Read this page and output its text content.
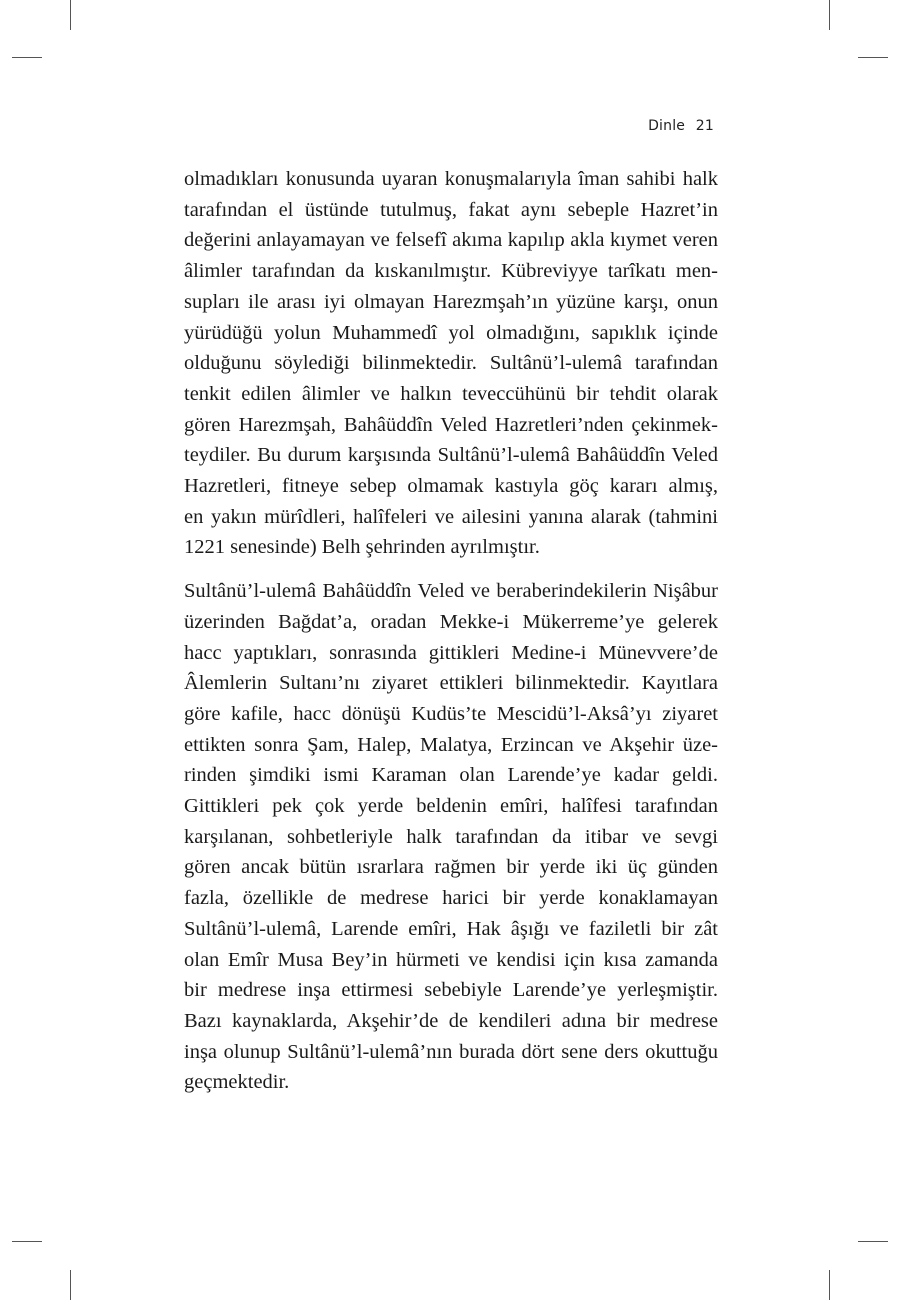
Dinle 21
olmadıkları konusunda uyaran konuşmalarıyla îman sahibi halk
tarafından el üstünde tutulmuş, fakat aynı sebeple Hazret’in
değerini anlayamayan ve felsefî akıma kapılıp akla kıymet veren
âlimler tarafından da kıskanılmıştır. Kübreviyye tarîkatı men-
supları ile arası iyi olmayan Harezmşah’ın yüzüne karşı, onun
yürüdüğü yolun Muhammedî yol olmadığını, sapıklık içinde
olduğunu söylediği bilinmektedir. Sultânü’l-ulemâ tarafından
tenkit edilen âlimler ve halkın teveccühünü bir tehdit olarak
gören Harezmşah, Bahâüddîn Veled Hazretleri’nden çekinmek-
teydiler. Bu durum karşısında Sultânü’l-ulemâ Bahâüddîn Veled
Hazretleri, fitneye sebep olmamak kastıyla göç kararı almış,
en yakın mürîdleri, halîfeleri ve ailesini yanına alarak (tahmini
1221 senesinde) Belh şehrinden ayrılmıştır.
Sultânü’l-ulemâ Bahâüddîn Veled ve beraberindekilerin Nişâbur
üzerinden Bağdat’a, oradan Mekke-i Mükerreme’ye gelerek
hacc yaptıkları, sonrasında gittikleri Medine-i Münevvere’de
Âlemlerin Sultanı’nı ziyaret ettikleri bilinmektedir. Kayıtlara
göre kafile, hacc dönüşü Kudüs’te Mescidü’l-Aksâ’yı ziyaret
ettikten sonra Şam, Halep, Malatya, Erzincan ve Akşehir üze-
rinden şimdiki ismi Karaman olan Larende’ye kadar geldi.
Gittikleri pek çok yerde beldenin emîri, halîfesi tarafından
karşılanan, sohbetleriyle halk tarafından da itibar ve sevgi
gören ancak bütün ısrarlara rağmen bir yerde iki üç günden
fazla, özellikle de medrese harici bir yerde konaklamayan
Sultânü’l-ulemâ, Larende emîri, Hak âşığı ve faziletli bir zât
olan Emîr Musa Bey’in hürmeti ve kendisi için kısa zamanda
bir medrese inşa ettirmesi sebebiyle Larende’ye yerleşmiştir.
Bazı kaynaklarda, Akşehir’de de kendileri adına bir medrese
inşa olunup Sultânü’l-ulemâ’nın burada dört sene ders okuttuğu
geçmektedir.
